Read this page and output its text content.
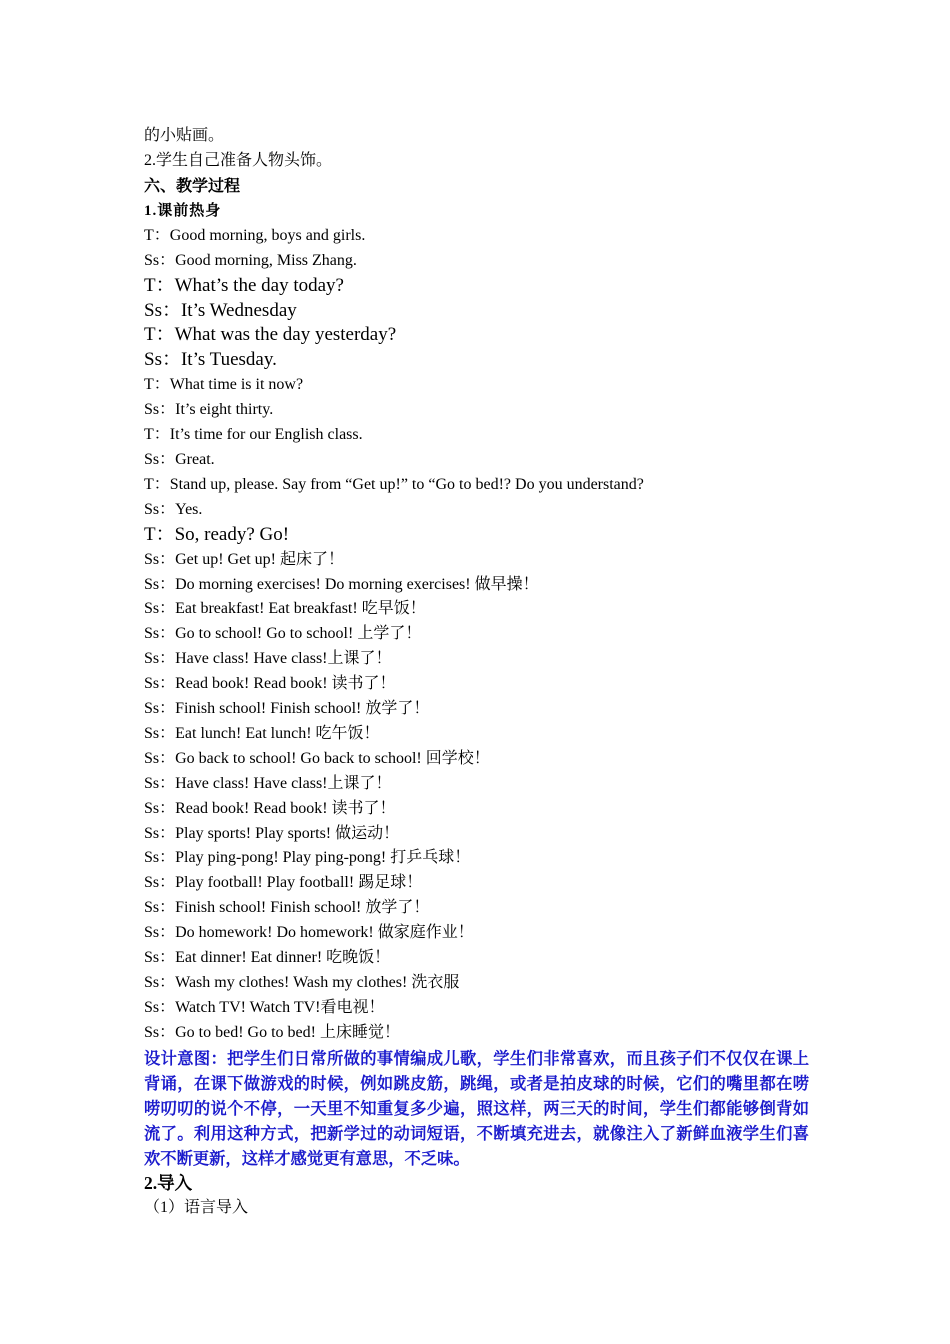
的小贴画。
2.学生自己准备人物头饰。
六、教学过程
1.课前热身
T：Good morning, boys and girls.
Ss：Good morning, Miss Zhang.
T：What’s the day today?
Ss：It’s Wednesday
T：What was the day yesterday?
Ss：It’s Tuesday.
T：What time is it now?
Ss：It’s eight thirty.
T：It’s time for our English class.
Ss：Great.
T：Stand up, please. Say from “Get up!” to “Go to bed!? Do you understand?
Ss：Yes.
T：So, ready? Go!
Ss：Get up! Get up! 起床了！
Ss：Do morning exercises! Do morning exercises! 做早操！
Ss：Eat breakfast! Eat breakfast! 吃早饭！
Ss：Go to school! Go to school! 上学了！
Ss：Have class! Have class!上课了！
Ss：Read book! Read book! 读书了！
Ss：Finish school! Finish school! 放学了！
Ss：Eat lunch! Eat lunch! 吃午饭！
Ss：Go back to school! Go back to school! 回学校！
Ss：Have class! Have class!上课了！
Ss：Read book! Read book! 读书了！
Ss：Play sports! Play sports! 做运动！
Ss：Play ping-pong! Play ping-pong! 打乒乓球！
Ss：Play football! Play football! 踢足球！
Ss：Finish school! Finish school! 放学了！
Ss：Do homework! Do homework! 做家庭作业！
Ss：Eat dinner! Eat dinner! 吃晚饭！
Ss：Wash my clothes! Wash my clothes! 洗衣服
Ss：Watch TV! Watch TV!看电视！
Ss：Go to bed! Go to bed! 上床睡觉！

设计意图：把学生们日常所做的事情编成儿歌，学生们非常喜欢，而且孩子们不仅仅在课上背诵，在课下做游戏的时候，例如跳皮筋，跳绳，或者是拍皮球的时候，它们的嘴里都在唠唠叨叨的说个不停，一天里不知重复多少遍，照这样，两三天的时间，学生们都能够倒背如流了。利用这种方式，把新学过的动词短语，不断填充进去，就像注入了新鲜血液学生们喜欢不断更新，这样才感觉更有意思，不乏味。

2.导入
（1）语言导入
